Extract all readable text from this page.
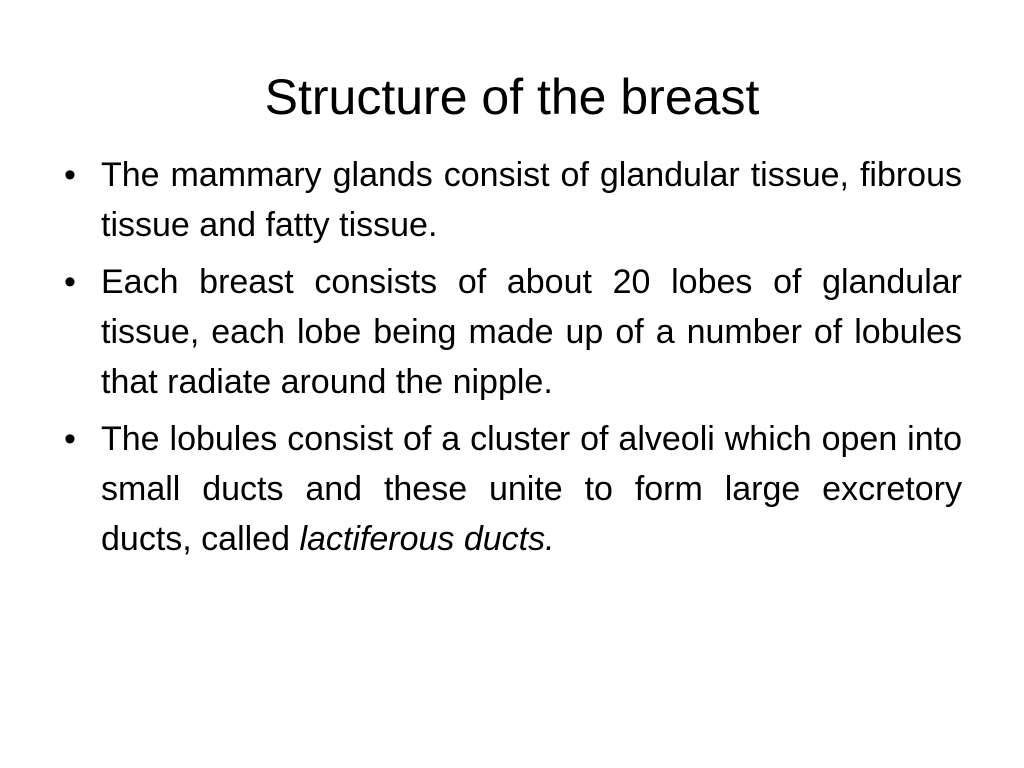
Structure of the breast
• The mammary glands consist of glandular tissue, fibrous tissue and fatty tissue.
• Each breast consists of about 20 lobes of glandular tissue, each lobe being made up of a number of lobules that radiate around the nipple.
• The lobules consist of a cluster of alveoli which open into small ducts and these unite to form large excretory ducts, called lactiferous ducts.
